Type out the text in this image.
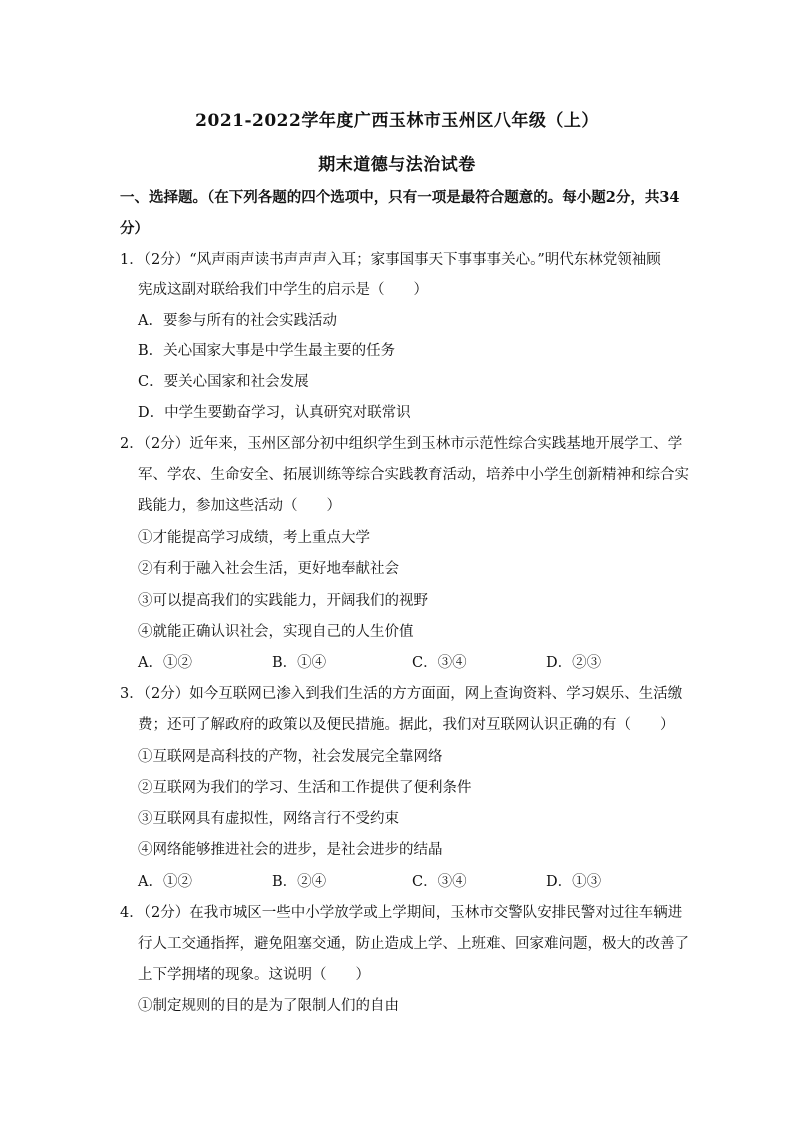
2021-2022学年度广西玉林市玉州区八年级（上）
期末道德与法治试卷
一、选择题。（在下列各题的四个选项中，只有一项是最符合题意的。每小题2分，共34分）
1．（2分）“风声雨声读书声声声入耳；家事国事天下事事事关心。”明代东林党领袖顾
宪成这副对联给我们中学生的启示是（　　）
A．要参与所有的社会实践活动
B．关心国家大事是中学生最主要的任务
C．要关心国家和社会发展
D．中学生要勤奋学习，认真研究对联常识
2．（2分）近年来，玉州区部分初中组织学生到玉林市示范性综合实践基地开展学工、学
军、学农、生命安全、拓展训练等综合实践教育活动，培养中小学生创新精神和综合实
践能力，参加这些活动（　　）
①才能提高学习成绩，考上重点大学
②有利于融入社会生活，更好地奉献社会
③可以提高我们的实践能力，开阔我们的视野
④就能正确认识社会，实现自己的人生价值
A．①②	B．①④	C．③④	D．②③
3．（2分）如今互联网已渗入到我们生活的方方面面，网上查询资料、学习娱乐、生活缴
费；还可了解政府的政策以及便民措施。据此，我们对互联网认识正确的有（　　）
①互联网是高科技的产物，社会发展完全靠网络
②互联网为我们的学习、生活和工作提供了便利条件
③互联网具有虚拟性，网络言行不受约束
④网络能够推进社会的进步，是社会进步的结晶
A．①②	B．②④	C．③④	D．①③
4．（2分）在我市城区一些中小学放学或上学期间，玉林市交警队安排民警对过往车辆进
行人工交通指挥，避免阻塞交通，防止造成上学、上班难、回家难问题，极大的改善了
上下学拥堵的现象。这说明（　　）
①制定规则的目的是为了限制人们的自由
